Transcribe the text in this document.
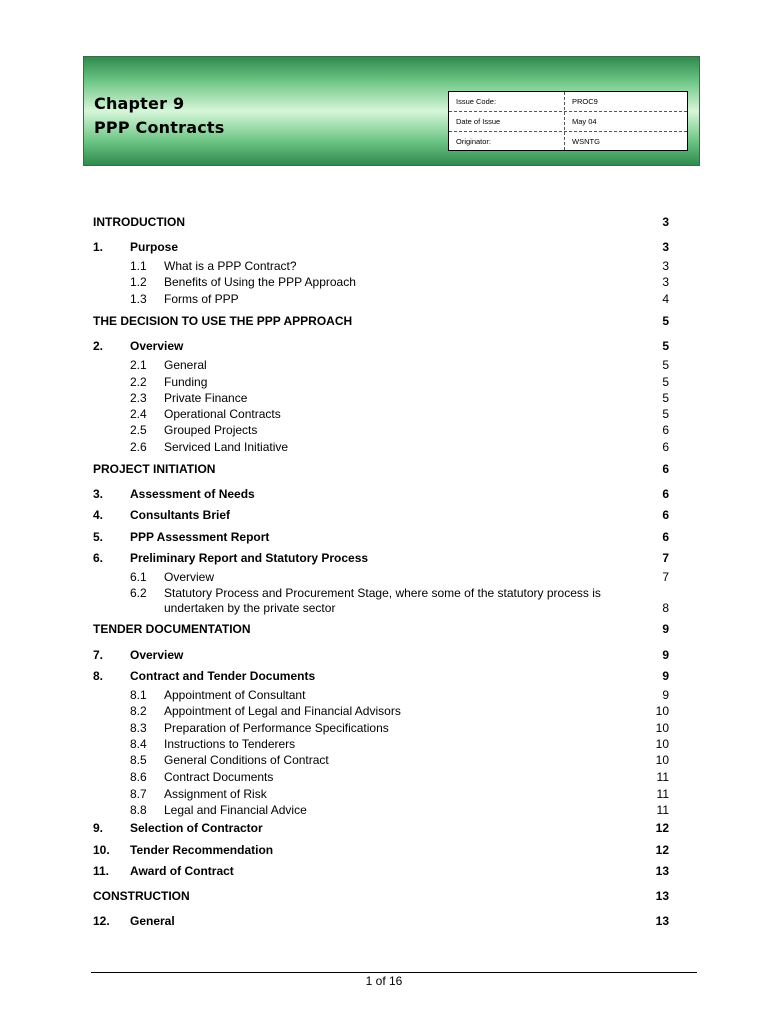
Chapter 9
PPP Contracts
Issue Code:	PROC9
Date of Issue	May 04
Originator:	WSNTG
INTRODUCTION	3
1. Purpose	3
1.1 What is a PPP Contract?	3
1.2 Benefits of Using the PPP Approach	3
1.3 Forms of PPP	4
THE DECISION TO USE THE PPP APPROACH	5
2. Overview	5
2.1 General	5
2.2 Funding	5
2.3 Private Finance	5
2.4 Operational Contracts	5
2.5 Grouped Projects	6
2.6 Serviced Land Initiative	6
PROJECT INITIATION	6
3. Assessment of Needs	6
4. Consultants Brief	6
5. PPP Assessment Report	6
6. Preliminary Report and Statutory Process	7
6.1 Overview	7
6.2 Statutory Process and Procurement Stage, where some of the statutory process is
undertaken by the private sector	8
TENDER DOCUMENTATION	9
7. Overview	9
8. Contract and Tender Documents	9
8.1 Appointment of Consultant	9
8.2 Appointment of Legal and Financial Advisors	10
8.3 Preparation of Performance Specifications	10
8.4 Instructions to Tenderers	10
8.5 General Conditions of Contract	10
8.6 Contract Documents	11
8.7 Assignment of Risk	11
8.8 Legal and Financial Advice	11
9. Selection of Contractor	12
10. Tender Recommendation	12
11. Award of Contract	13
CONSTRUCTION	13
12. General	13
1 of 16
